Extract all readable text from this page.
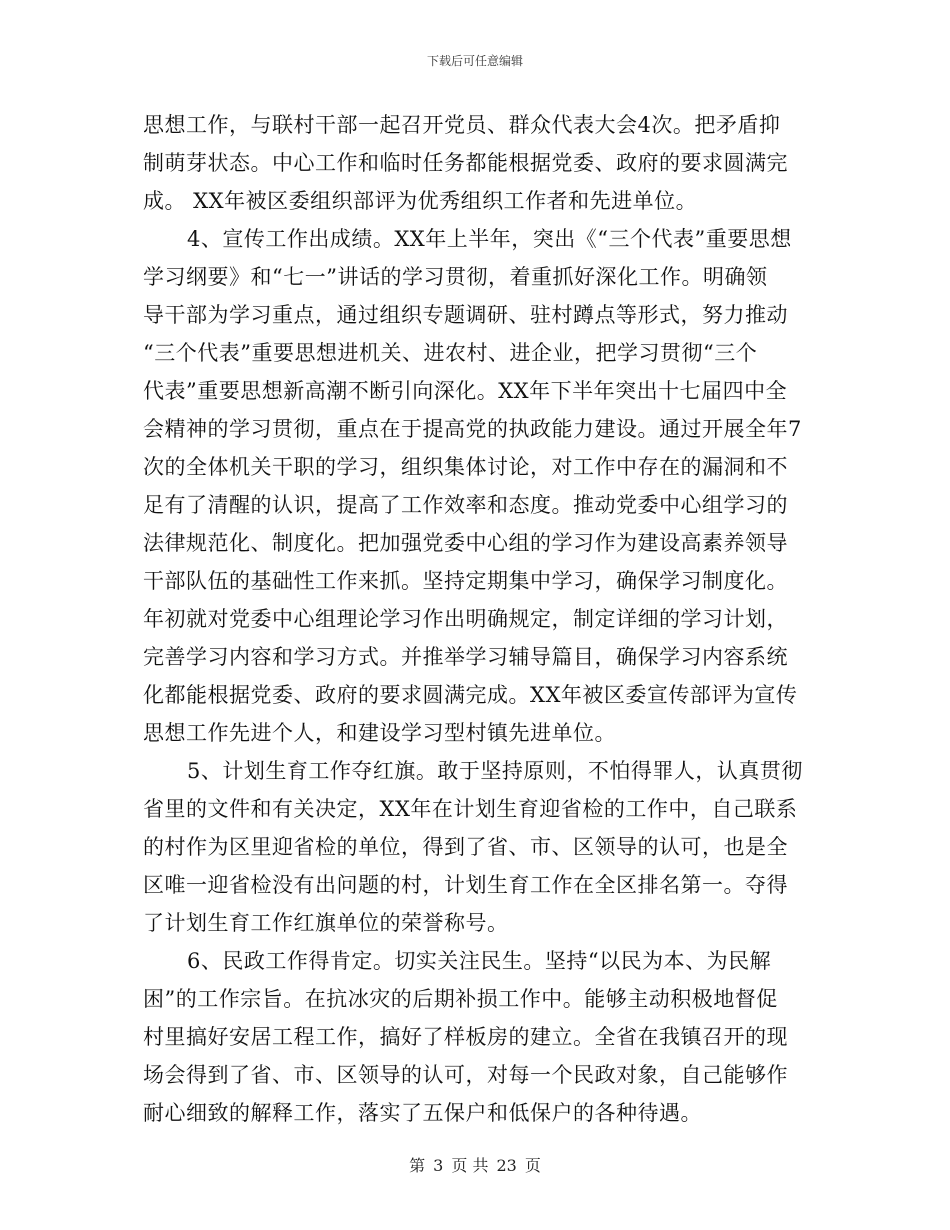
下载后可任意编辑
思想工作，与联村干部一起召开党员、群众代表大会4次。把矛盾抑
制萌芽状态。中心工作和临时任务都能根据党委、政府的要求圆满完
成。 XX年被区委组织部评为优秀组织工作者和先进单位。
4、宣传工作出成绩。XX年上半年，突出《“三个代表”重要思想
学习纲要》和“七一”讲话的学习贯彻，着重抓好深化工作。明确领
导干部为学习重点，通过组织专题调研、驻村蹲点等形式，努力推动
“三个代表”重要思想进机关、进农村、进企业，把学习贯彻“三个
代表”重要思想新高潮不断引向深化。XX年下半年突出十七届四中全
会精神的学习贯彻，重点在于提高党的执政能力建设。通过开展全年7
次的全体机关干职的学习，组织集体讨论，对工作中存在的漏洞和不
足有了清醒的认识，提高了工作效率和态度。推动党委中心组学习的
法律规范化、制度化。把加强党委中心组的学习作为建设高素养领导
干部队伍的基础性工作来抓。坚持定期集中学习，确保学习制度化。
年初就对党委中心组理论学习作出明确规定，制定详细的学习计划，
完善学习内容和学习方式。并推举学习辅导篇目，确保学习内容系统
化都能根据党委、政府的要求圆满完成。XX年被区委宣传部评为宣传
思想工作先进个人，和建设学习型村镇先进单位。
5、计划生育工作夺红旗。敢于坚持原则，不怕得罪人，认真贯彻
省里的文件和有关决定，XX年在计划生育迎省检的工作中，自己联系
的村作为区里迎省检的单位，得到了省、市、区领导的认可，也是全
区唯一迎省检没有出问题的村，计划生育工作在全区排名第一。夺得
了计划生育工作红旗单位的荣誉称号。
6、民政工作得肯定。切实关注民生。坚持“以民为本、为民解
困”的工作宗旨。在抗冰灾的后期补损工作中。能够主动积极地督促
村里搞好安居工程工作，搞好了样板房的建立。全省在我镇召开的现
场会得到了省、市、区领导的认可，对每一个民政对象，自己能够作
耐心细致的解释工作，落实了五保户和低保户的各种待遇。
第 3 页 共 23 页
